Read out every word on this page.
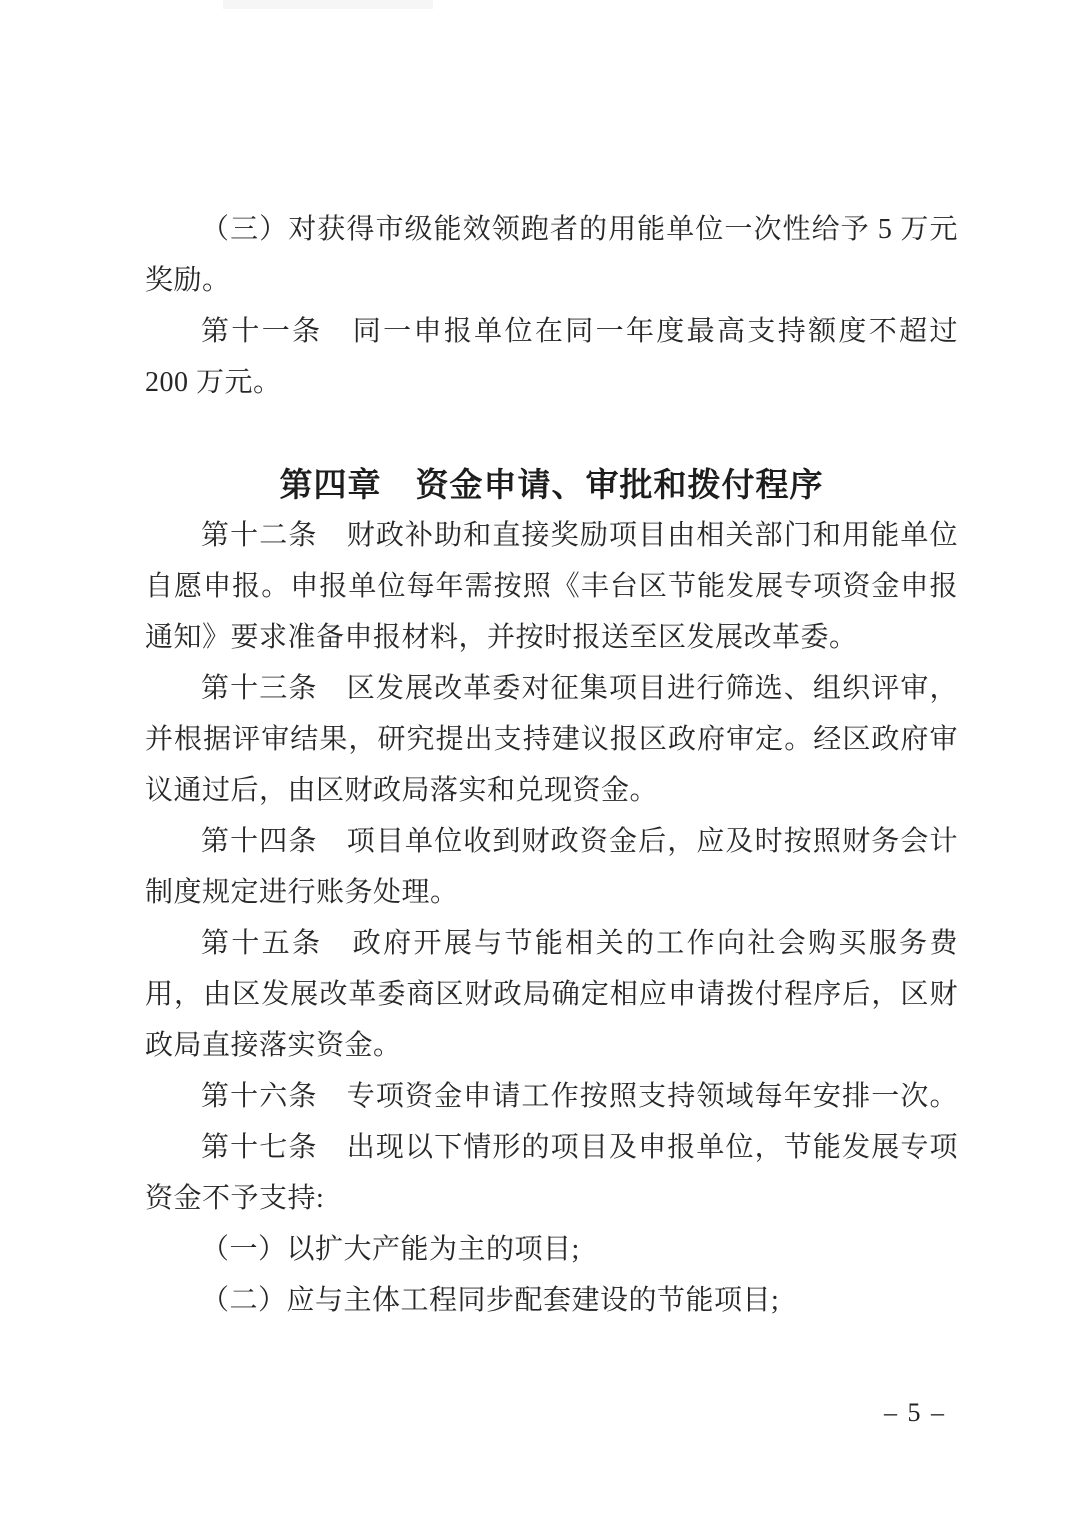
（三）对获得市级能效领跑者的用能单位一次性给予 5 万元
奖励。
第十一条　同一申报单位在同一年度最高支持额度不超过
200 万元。
第四章　资金申请、审批和拨付程序
第十二条　财政补助和直接奖励项目由相关部门和用能单位
自愿申报。申报单位每年需按照《丰台区节能发展专项资金申报
通知》要求准备申报材料，并按时报送至区发展改革委。
第十三条　区发展改革委对征集项目进行筛选、组织评审，
并根据评审结果，研究提出支持建议报区政府审定。经区政府审
议通过后，由区财政局落实和兑现资金。
第十四条　项目单位收到财政资金后，应及时按照财务会计
制度规定进行账务处理。
第十五条　政府开展与节能相关的工作向社会购买服务费
用，由区发展改革委商区财政局确定相应申请拨付程序后，区财
政局直接落实资金。
第十六条　专项资金申请工作按照支持领域每年安排一次。
第十七条　出现以下情形的项目及申报单位，节能发展专项
资金不予支持:
（一）以扩大产能为主的项目;
（二）应与主体工程同步配套建设的节能项目;
– 5 –
